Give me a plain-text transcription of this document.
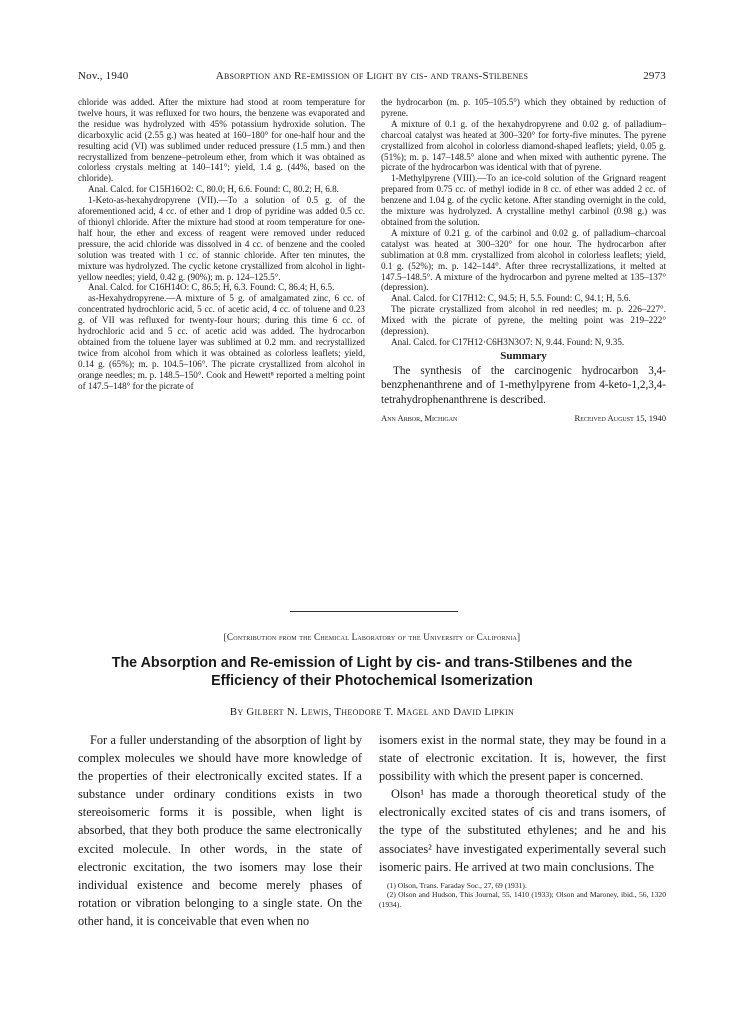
Nov., 1940	Absorption and Re-emission of Light by cis- and trans-Stilbenes	2973

chloride was added. After the mixture had stood at room temperature for twelve hours, it was refluxed for two hours, the benzene was evaporated and the residue was hydrolyzed with 45% potassium hydroxide solution. The dicarboxylic acid (2.55 g.) was heated at 160–180° for one-half hour and the resulting acid (VI) was sublimed under reduced pressure (1.5 mm.) and then recrystallized from benzene–petroleum ether, from which it was obtained as colorless crystals melting at 140–141°; yield, 1.4 g. (44%, based on the chloride).

Anal. Calcd. for C15H16O2: C, 80.0; H, 6.6. Found: C, 80.2; H, 6.8.

1-Keto-as-hexahydropyrene (VII).—To a solution of 0.5 g. of the aforementioned acid, 4 cc. of ether and 1 drop of pyridine was added 0.5 cc. of thionyl chloride. After the mixture had stood at room temperature for one-half hour, the ether and excess of reagent were removed under reduced pressure, the acid chloride was dissolved in 4 cc. of benzene and the cooled solution was treated with 1 cc. of stannic chloride. After ten minutes, the mixture was hydrolyzed. The cyclic ketone crystallized from alcohol in light-yellow needles; yield, 0.42 g. (90%); m. p. 124–125.5°.

Anal. Calcd. for C16H14O: C, 86.5; H, 6.3. Found: C, 86.4; H, 6.5.

as-Hexahydropyrene.—A mixture of 5 g. of amalgamated zinc, 6 cc. of concentrated hydrochloric acid, 5 cc. of acetic acid, 4 cc. of toluene and 0.23 g. of VII was refluxed for twenty-four hours; during this time 6 cc. of hydrochloric acid and 5 cc. of acetic acid was added. The hydrocarbon obtained from the toluene layer was sublimed at 0.2 mm. and recrystallized twice from alcohol from which it was obtained as colorless leaflets; yield, 0.14 g. (65%); m. p. 104.5–106°. The picrate crystallized from alcohol in orange needles; m. p. 148.5–150°. Cook and Hewett⁸ reported a melting point of 147.5–148° for the picrate of

the hydrocarbon (m. p. 105–105.5°) which they obtained by reduction of pyrene.

A mixture of 0.1 g. of the hexahydropyrene and 0.02 g. of palladium–charcoal catalyst was heated at 300–320° for forty-five minutes. The pyrene crystallized from alcohol in colorless diamond-shaped leaflets; yield, 0.05 g. (51%); m. p. 147–148.5° alone and when mixed with authentic pyrene. The picrate of the hydrocarbon was identical with that of pyrene.

1-Methylpyrene (VIII).—To an ice-cold solution of the Grignard reagent prepared from 0.75 cc. of methyl iodide in 8 cc. of ether was added 2 cc. of benzene and 1.04 g. of the cyclic ketone. After standing overnight in the cold, the mixture was hydrolyzed. A crystalline methyl carbinol (0.98 g.) was obtained from the solution.

A mixture of 0.21 g. of the carbinol and 0.02 g. of palladium–charcoal catalyst was heated at 300–320° for one hour. The hydrocarbon after sublimation at 0.8 mm. crystallized from alcohol in colorless leaflets; yield, 0.1 g. (52%); m. p. 142–144°. After three recrystallizations, it melted at 147.5–148.5°. A mixture of the hydrocarbon and pyrene melted at 135–137° (depression).

Anal. Calcd. for C17H12: C, 94.5; H, 5.5. Found: C, 94.1; H, 5.6.

The picrate crystallized from alcohol in red needles; m. p. 226–227°. Mixed with the picrate of pyrene, the melting point was 219–222° (depression).

Anal. Calcd. for C17H12·C6H3N3O7: N, 9.44. Found: N, 9.35.

Summary

The synthesis of the carcinogenic hydrocarbon 3,4-benzphenanthrene and of 1-methylpyrene from 4-keto-1,2,3,4-tetrahydrophenanthrene is described.

Ann Arbor, Michigan	Received August 15, 1940

[Contribution from the Chemical Laboratory of the University of California]
The Absorption and Re-emission of Light by cis- and trans-Stilbenes and the Efficiency of their Photochemical Isomerization
By Gilbert N. Lewis, Theodore T. Magel and David Lipkin

For a fuller understanding of the absorption of light by complex molecules we should have more knowledge of the properties of their electronically excited states. If a substance under ordinary conditions exists in two stereoisomeric forms it is possible, when light is absorbed, that they both produce the same electronically excited molecule. In other words, in the state of electronic excitation, the two isomers may lose their individual existence and become merely phases of rotation or vibration belonging to a single state. On the other hand, it is conceivable that even when no

isomers exist in the normal state, they may be found in a state of electronic excitation. It is, however, the first possibility with which the present paper is concerned.

Olson¹ has made a thorough theoretical study of the electronically excited states of cis and trans isomers, of the type of the substituted ethylenes; and he and his associates² have investigated experimentally several such isomeric pairs. He arrived at two main conclusions. The

(1) Olson, Trans. Faraday Soc., 27, 69 (1931).

(2) Olson and Hudson, This Journal, 55, 1410 (1933); Olson and Maroney, ibid., 56, 1320 (1934).
